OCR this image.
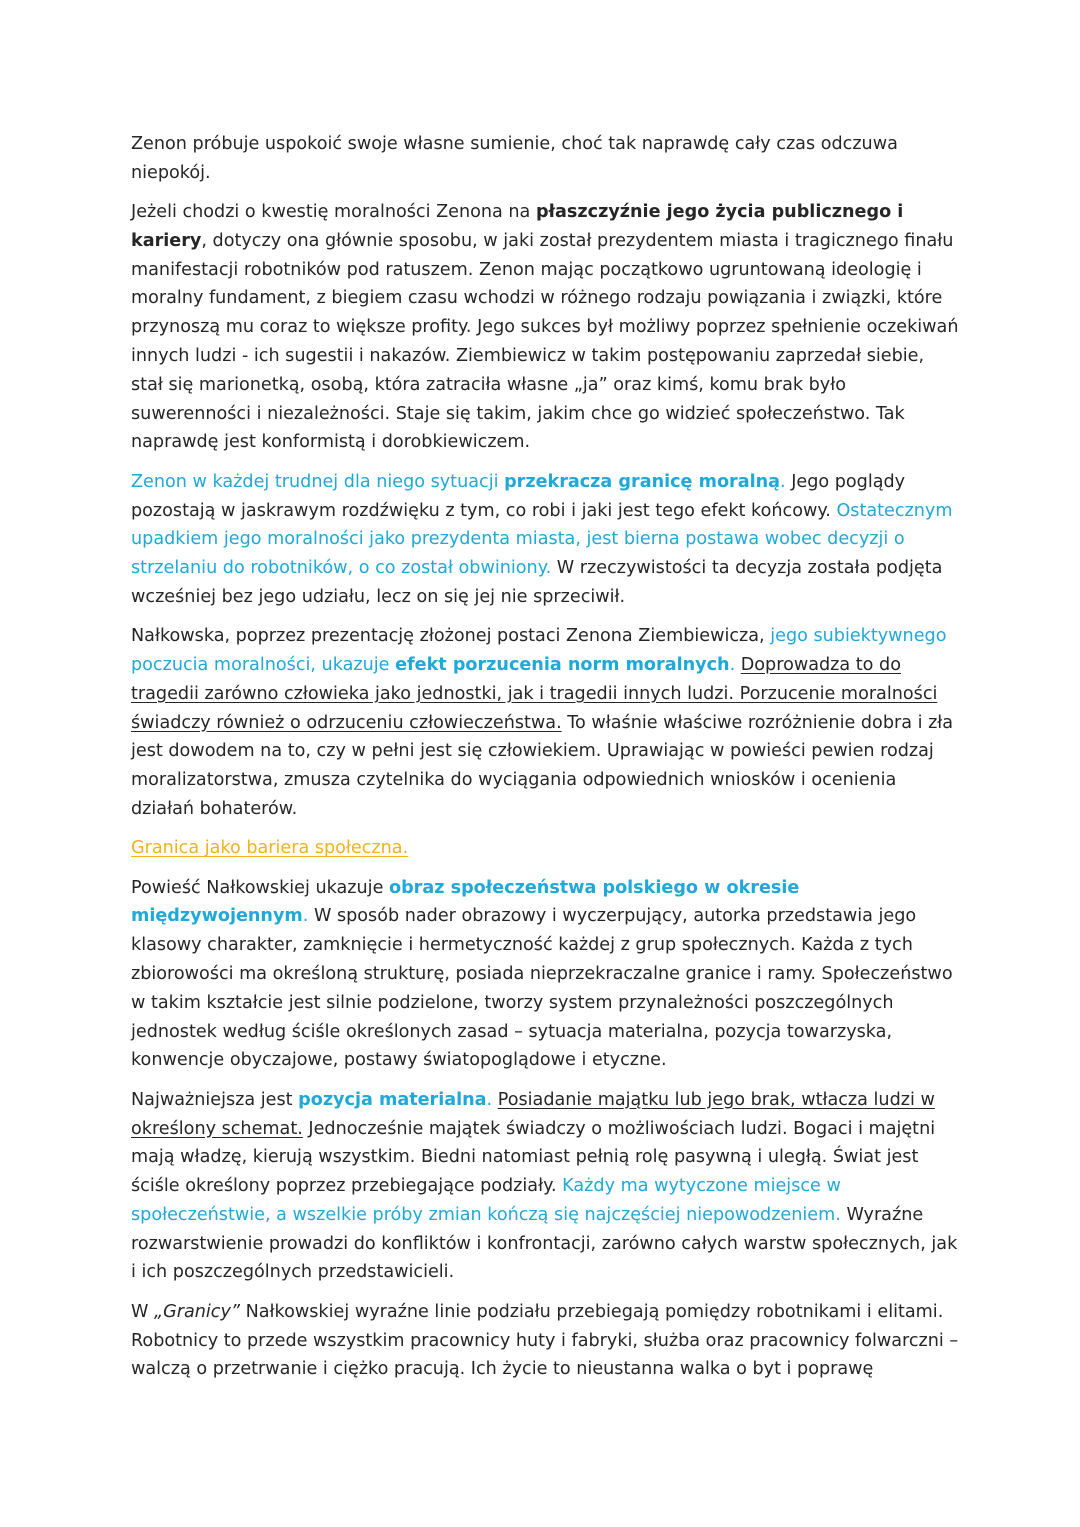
Zenon próbuje uspokoić swoje własne sumienie, choć tak naprawdę cały czas odczuwa niepokój.

Jeżeli chodzi o kwestię moralności Zenona na płaszczyźnie jego życia publicznego i kariery, dotyczy ona głównie sposobu, w jaki został prezydentem miasta i tragicznego finału manifestacji robotników pod ratuszem. Zenon mając początkowo ugruntowaną ideologię i moralny fundament, z biegiem czasu wchodzi w różnego rodzaju powiązania i związki, które przynoszą mu coraz to większe profity. Jego sukces był możliwy poprzez spełnienie oczekiwań innych ludzi - ich sugestii i nakazów. Ziembiewicz w takim postępowaniu zaprzedał siebie, stał się marionetką, osobą, która zatraciła własne „ja” oraz kimś, komu brak było suwerenności i niezależności. Staje się takim, jakim chce go widzieć społeczeństwo. Tak naprawdę jest konformistą i dorobkiewiczem.

Zenon w każdej trudnej dla niego sytuacji przekracza granicę moralną. Jego poglądy pozostają w jaskrawym rozdźwięku z tym, co robi i jaki jest tego efekt końcowy. Ostatecznym upadkiem jego moralności jako prezydenta miasta, jest bierna postawa wobec decyzji o strzelaniu do robotników, o co został obwiniony. W rzeczywistości ta decyzja została podjęta wcześniej bez jego udziału, lecz on się jej nie sprzeciwił.

Nałkowska, poprzez prezentację złożonej postaci Zenona Ziembiewicza, jego subiektywnego poczucia moralności, ukazuje efekt porzucenia norm moralnych. Doprowadza to do tragedii zarówno człowieka jako jednostki, jak i tragedii innych ludzi. Porzucenie moralności świadczy również o odrzuceniu człowieczeństwa. To właśnie właściwe rozróżnienie dobra i zła jest dowodem na to, czy w pełni jest się człowiekiem. Uprawiając w powieści pewien rodzaj moralizatorstwa, zmusza czytelnika do wyciągania odpowiednich wniosków i ocenienia działań bohaterów.

Granica jako bariera społeczna.

Powieść Nałkowskiej ukazuje obraz społeczeństwa polskiego w okresie międzywojennym. W sposób nader obrazowy i wyczerpujący, autorka przedstawia jego klasowy charakter, zamknięcie i hermetyczność każdej z grup społecznych. Każda z tych zbiorowości ma określoną strukturę, posiada nieprzekraczalne granice i ramy. Społeczeństwo w takim kształcie jest silnie podzielone, tworzy system przynależności poszczególnych jednostek według ściśle określonych zasad – sytuacja materialna, pozycja towarzyska, konwencje obyczajowe, postawy światopoglądowe i etyczne.

Najważniejsza jest pozycja materialna. Posiadanie majątku lub jego brak, wtłacza ludzi w określony schemat. Jednocześnie majątek świadczy o możliwościach ludzi. Bogaci i majętni mają władzę, kierują wszystkim. Biedni natomiast pełnią rolę pasywną i uległą. Świat jest ściśle określony poprzez przebiegające podziały. Każdy ma wytyczone miejsce w społeczeństwie, a wszelkie próby zmian kończą się najczęściej niepowodzeniem. Wyraźne rozwarstwienie prowadzi do konfliktów i konfrontacji, zarówno całych warstw społecznych, jak i ich poszczególnych przedstawicieli.

W „Granicy” Nałkowskiej wyraźne linie podziału przebiegają pomiędzy robotnikami i elitami. Robotnicy to przede wszystkim pracownicy huty i fabryki, służba oraz pracownicy folwarczni – walczą o przetrwanie i ciężko pracują. Ich życie to nieustanna walka o byt i poprawę
